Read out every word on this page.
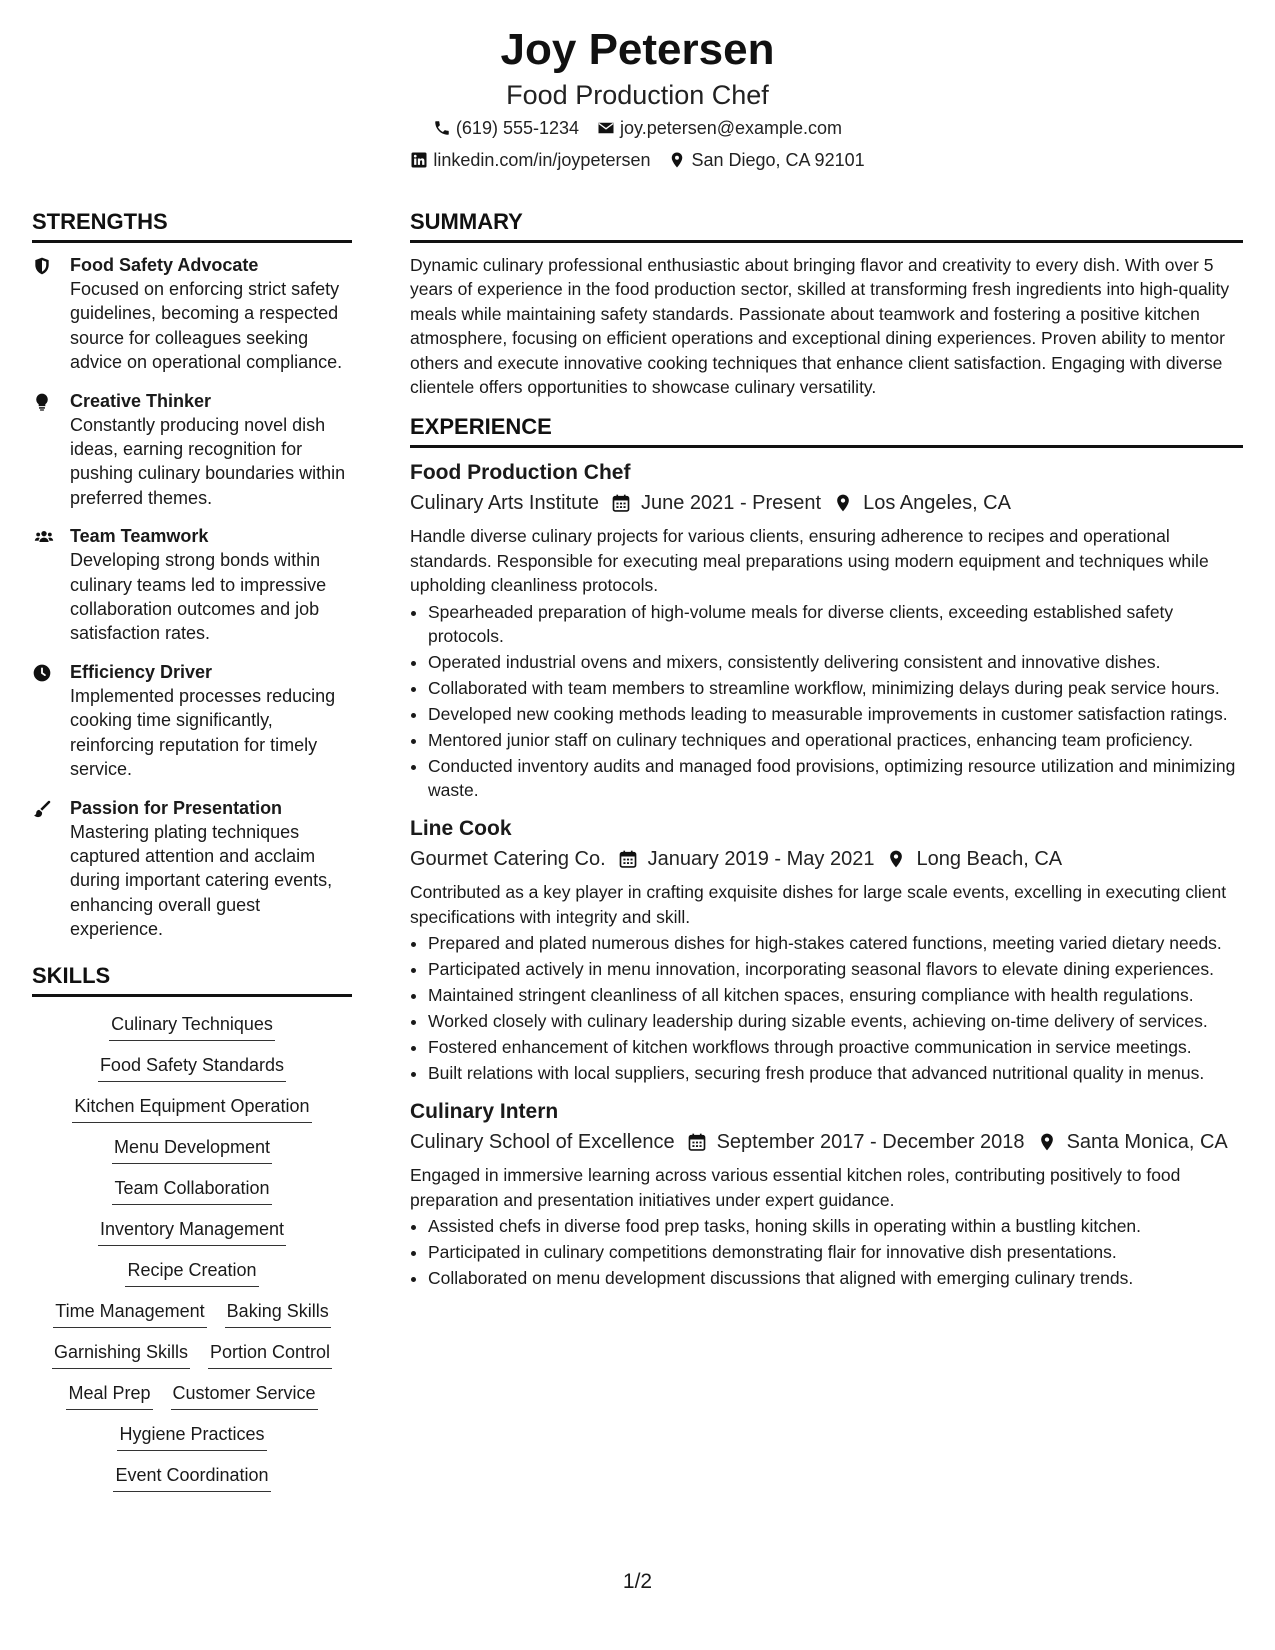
Joy Petersen
Food Production Chef
(619) 555-1234 joy.petersen@example.com
linkedin.com/in/joypetersen San Diego, CA 92101
STRENGTHS
Food Safety Advocate
Focused on enforcing strict safety guidelines, becoming a respected source for colleagues seeking advice on operational compliance.
Creative Thinker
Constantly producing novel dish ideas, earning recognition for pushing culinary boundaries within preferred themes.
Team Teamwork
Developing strong bonds within culinary teams led to impressive collaboration outcomes and job satisfaction rates.
Efficiency Driver
Implemented processes reducing cooking time significantly, reinforcing reputation for timely service.
Passion for Presentation
Mastering plating techniques captured attention and acclaim during important catering events, enhancing overall guest experience.
SKILLS
Culinary Techniques
Food Safety Standards
Kitchen Equipment Operation
Menu Development
Team Collaboration
Inventory Management
Recipe Creation
Time Management Baking Skills
Garnishing Skills Portion Control
Meal Prep Customer Service
Hygiene Practices
Event Coordination
SUMMARY
Dynamic culinary professional enthusiastic about bringing flavor and creativity to every dish. With over 5 years of experience in the food production sector, skilled at transforming fresh ingredients into high-quality meals while maintaining safety standards. Passionate about teamwork and fostering a positive kitchen atmosphere, focusing on efficient operations and exceptional dining experiences. Proven ability to mentor others and execute innovative cooking techniques that enhance client satisfaction. Engaging with diverse clientele offers opportunities to showcase culinary versatility.
EXPERIENCE
Food Production Chef
Culinary Arts Institute June 2021 - Present Los Angeles, CA
Handle diverse culinary projects for various clients, ensuring adherence to recipes and operational standards. Responsible for executing meal preparations using modern equipment and techniques while upholding cleanliness protocols.
• Spearheaded preparation of high-volume meals for diverse clients, exceeding established safety protocols.
• Operated industrial ovens and mixers, consistently delivering consistent and innovative dishes.
• Collaborated with team members to streamline workflow, minimizing delays during peak service hours.
• Developed new cooking methods leading to measurable improvements in customer satisfaction ratings.
• Mentored junior staff on culinary techniques and operational practices, enhancing team proficiency.
• Conducted inventory audits and managed food provisions, optimizing resource utilization and minimizing waste.
Line Cook
Gourmet Catering Co. January 2019 - May 2021 Long Beach, CA
Contributed as a key player in crafting exquisite dishes for large scale events, excelling in executing client specifications with integrity and skill.
• Prepared and plated numerous dishes for high-stakes catered functions, meeting varied dietary needs.
• Participated actively in menu innovation, incorporating seasonal flavors to elevate dining experiences.
• Maintained stringent cleanliness of all kitchen spaces, ensuring compliance with health regulations.
• Worked closely with culinary leadership during sizable events, achieving on-time delivery of services.
• Fostered enhancement of kitchen workflows through proactive communication in service meetings.
• Built relations with local suppliers, securing fresh produce that advanced nutritional quality in menus.
Culinary Intern
Culinary School of Excellence September 2017 - December 2018 Santa Monica, CA
Engaged in immersive learning across various essential kitchen roles, contributing positively to food preparation and presentation initiatives under expert guidance.
• Assisted chefs in diverse food prep tasks, honing skills in operating within a bustling kitchen.
• Participated in culinary competitions demonstrating flair for innovative dish presentations.
• Collaborated on menu development discussions that aligned with emerging culinary trends.
1/2
